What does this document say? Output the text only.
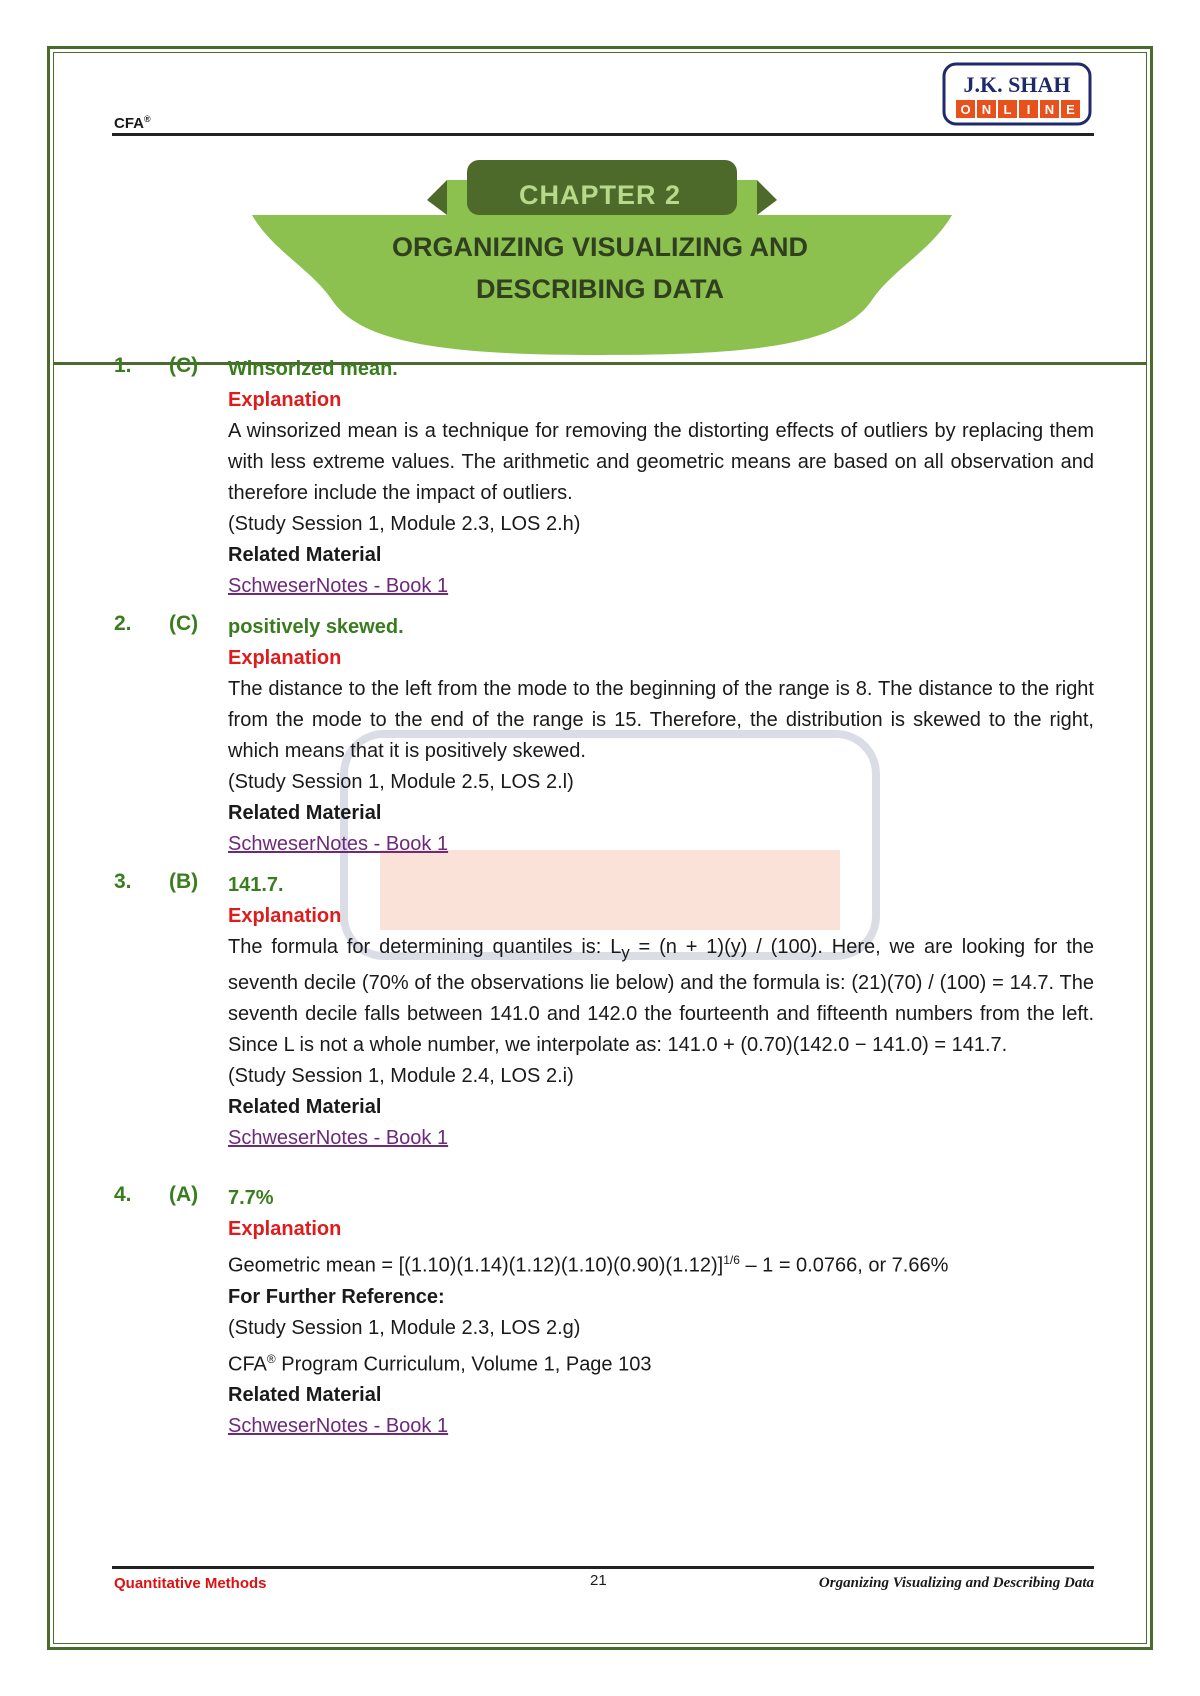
CFA®
J.K. SHAH
O N L I N E
CHAPTER 2
ORGANIZING VISUALIZING AND
DESCRIBING DATA
1. (C) Winsorized mean.
Explanation
A winsorized mean is a technique for removing the distorting effects of outliers by replacing them with less extreme values. The arithmetic and geometric means are based on all observation and therefore include the impact of outliers.
(Study Session 1, Module 2.3, LOS 2.h)
Related Material
SchweserNotes - Book 1
2. (C) positively skewed.
Explanation
The distance to the left from the mode to the beginning of the range is 8. The distance to the right from the mode to the end of the range is 15. Therefore, the distribution is skewed to the right, which means that it is positively skewed.
(Study Session 1, Module 2.5, LOS 2.l)
Related Material
SchweserNotes - Book 1
3. (B) 141.7.
Explanation
The formula for determining quantiles is: $L_y = (n + 1)(y) / (100)$. Here, we are looking for the seventh decile (70% of the observations lie below) and the formula is: (21)(70) / (100) = 14.7. The seventh decile falls between 141.0 and 142.0 the fourteenth and fifteenth numbers from the left. Since L is not a whole number, we interpolate as: 141.0 + (0.70)(142.0 − 141.0) = 141.7.
(Study Session 1, Module 2.4, LOS 2.i)
Related Material
SchweserNotes - Book 1
4. (A) 7.7%
Explanation
Geometric mean = $[(1.10)(1.14)(1.12)(1.10)(0.90)(1.12)]^{1/6} - 1 = 0.0766$, or 7.66%
For Further Reference:
(Study Session 1, Module 2.3, LOS 2.g)
CFA® Program Curriculum, Volume 1, Page 103
Related Material
SchweserNotes - Book 1
Quantitative Methods	21	Organizing Visualizing and Describing Data
